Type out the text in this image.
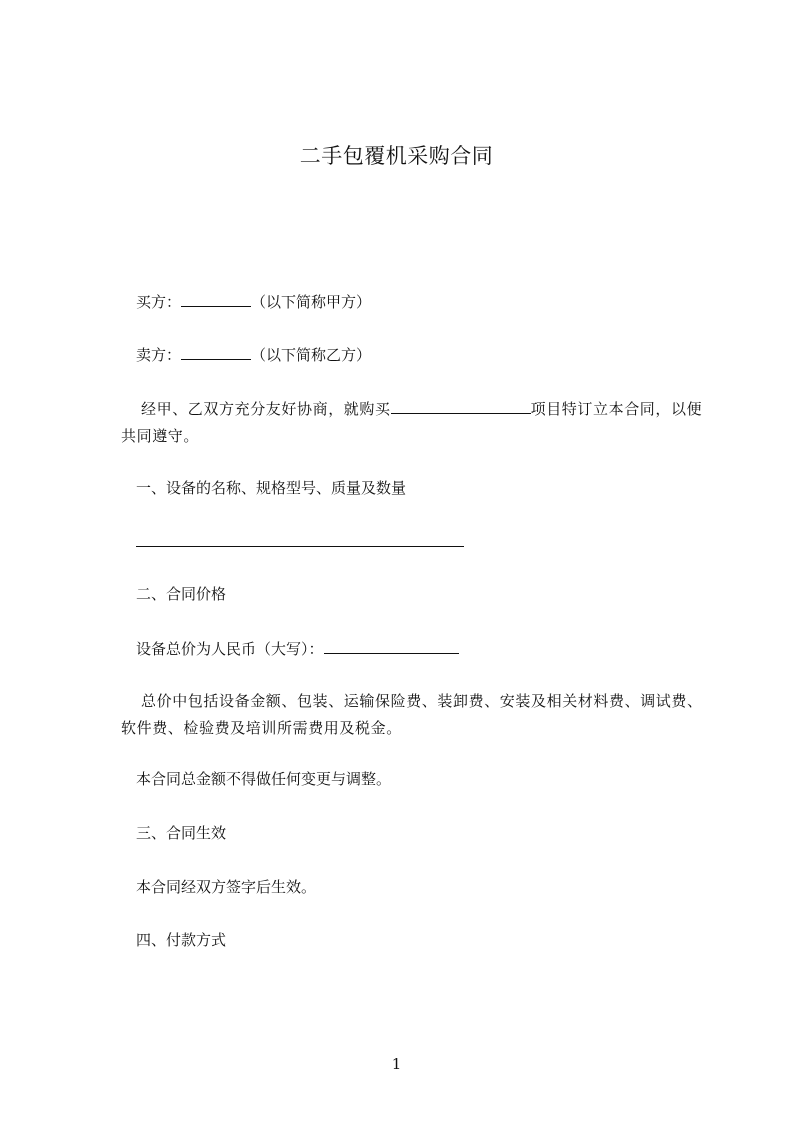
二手包覆机采购合同
买方：	（以下简称甲方）
卖方：	（以下简称乙方）
经甲、乙双方充分友好协商，就购买	项目特订立本合同，以便共同遵守。
一、设备的名称、规格型号、质量及数量
二、合同价格
设备总价为人民币（大写）：
总价中包括设备金额、包装、运输保险费、装卸费、安装及相关材料费、调试费、软件费、检验费及培训所需费用及税金。
本合同总金额不得做任何变更与调整。
三、合同生效
本合同经双方签字后生效。
四、付款方式
1
